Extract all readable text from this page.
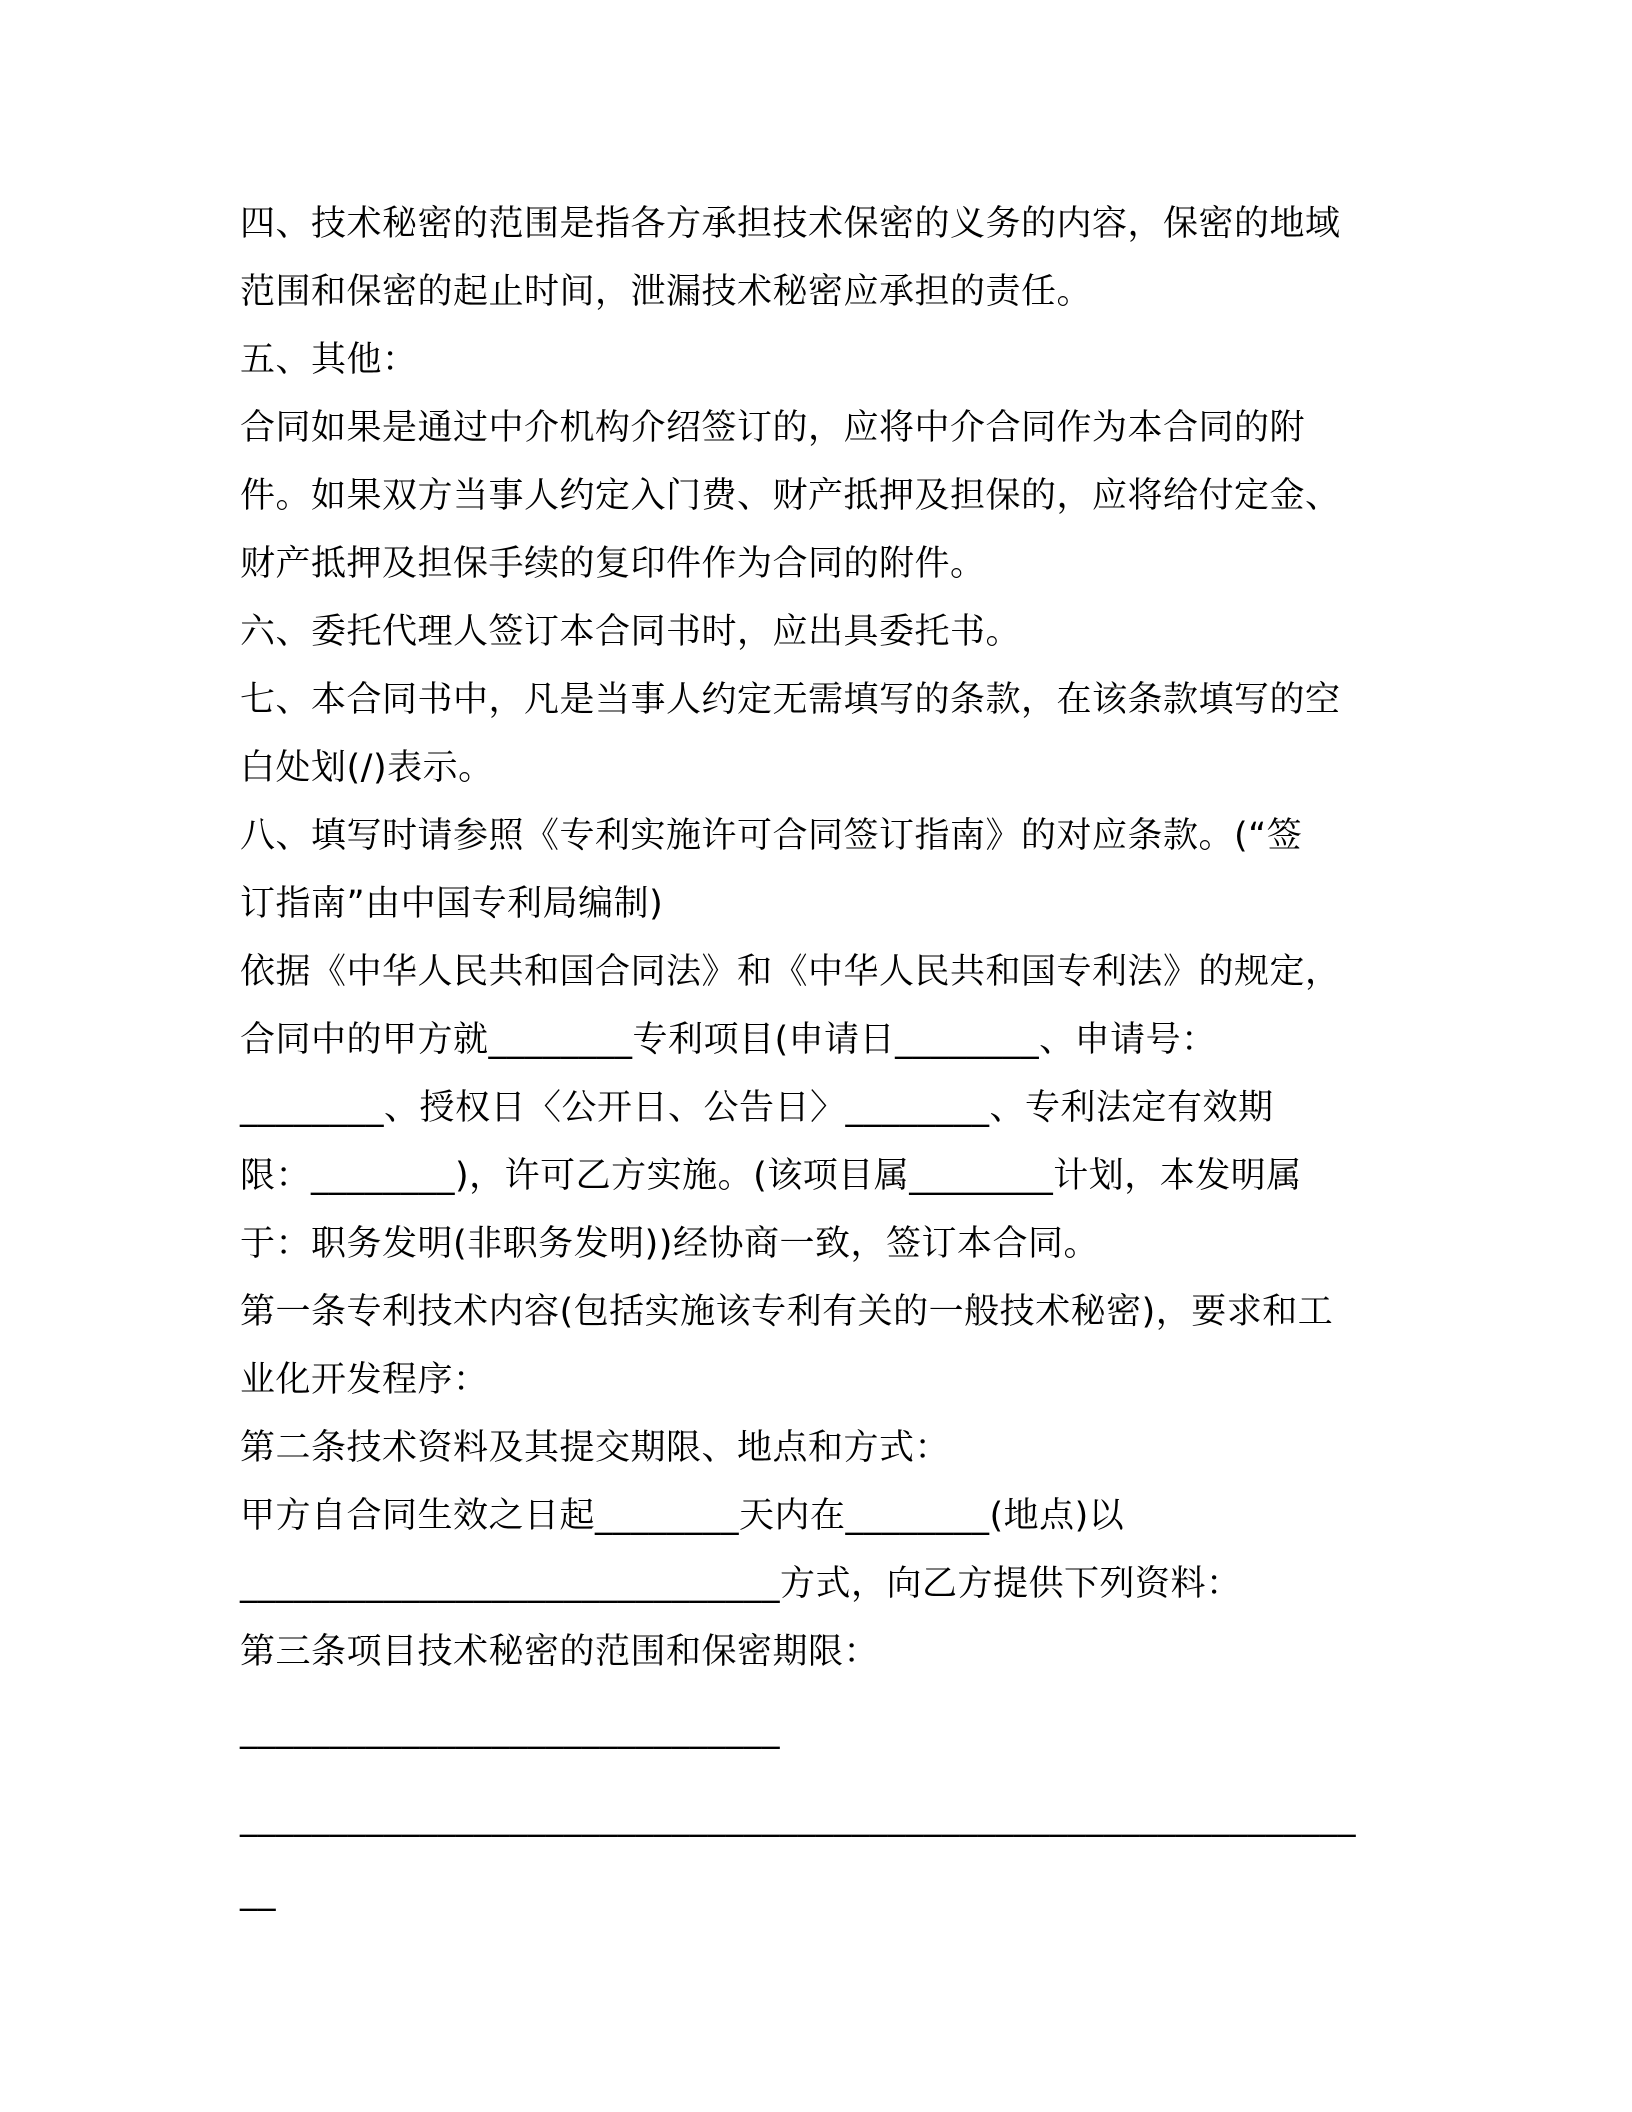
四、技术秘密的范围是指各方承担技术保密的义务的内容，保密的地域
范围和保密的起止时间，泄漏技术秘密应承担的责任。
五、其他：
合同如果是通过中介机构介绍签订的，应将中介合同作为本合同的附
件。如果双方当事人约定入门费、财产抵押及担保的，应将给付定金、
财产抵押及担保手续的复印件作为合同的附件。
六、委托代理人签订本合同书时，应出具委托书。
七、本合同书中，凡是当事人约定无需填写的条款，在该条款填写的空
白处划(/)表示。
八、填写时请参照《专利实施许可合同签订指南》的对应条款。(“签
订指南”由中国专利局编制)
依据《中华人民共和国合同法》和《中华人民共和国专利法》的规定，
合同中的甲方就________专利项目(申请日________、申请号：
________、授权日〈公开日、公告日〉________、专利法定有效期
限：________)，许可乙方实施。(该项目属________计划，本发明属
于：职务发明(非职务发明))经协商一致，签订本合同。
第一条专利技术内容(包括实施该专利有关的一般技术秘密)，要求和工
业化开发程序：
第二条技术资料及其提交期限、地点和方式：
甲方自合同生效之日起________天内在________(地点)以
______________________________方式，向乙方提供下列资料：
第三条项目技术秘密的范围和保密期限：
______________________________
______________________________________________________________
__
